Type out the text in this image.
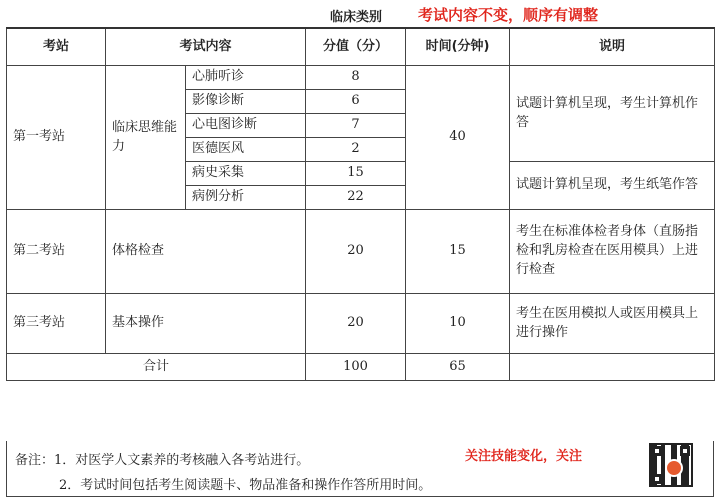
临床类别 考试内容不变，顺序有调整
考站	考试内容		分值（分）	时间(分钟)	说明
第一考站	临床思维能力	心肺听诊	8	40	试题计算机呈现，考生计算机作答
		影像诊断	6		
		心电图诊断	7		
		医德医风	2		
		病史采集	15		试题计算机呈现，考生纸笔作答
		病例分析	22		
第二考站	体格检查		20	15	考生在标准体检者身体（直肠指检和乳房检查在医用模具）上进行检查
第三考站	基本操作		20	10	考生在医用模拟人或医用模具上进行操作
合计			100	65	
备注：1．对医学人文素养的考核融入各考站进行。
2．考试时间包括考生阅读题卡、物品准备和操作作答所用时间。
关注技能变化，关注
